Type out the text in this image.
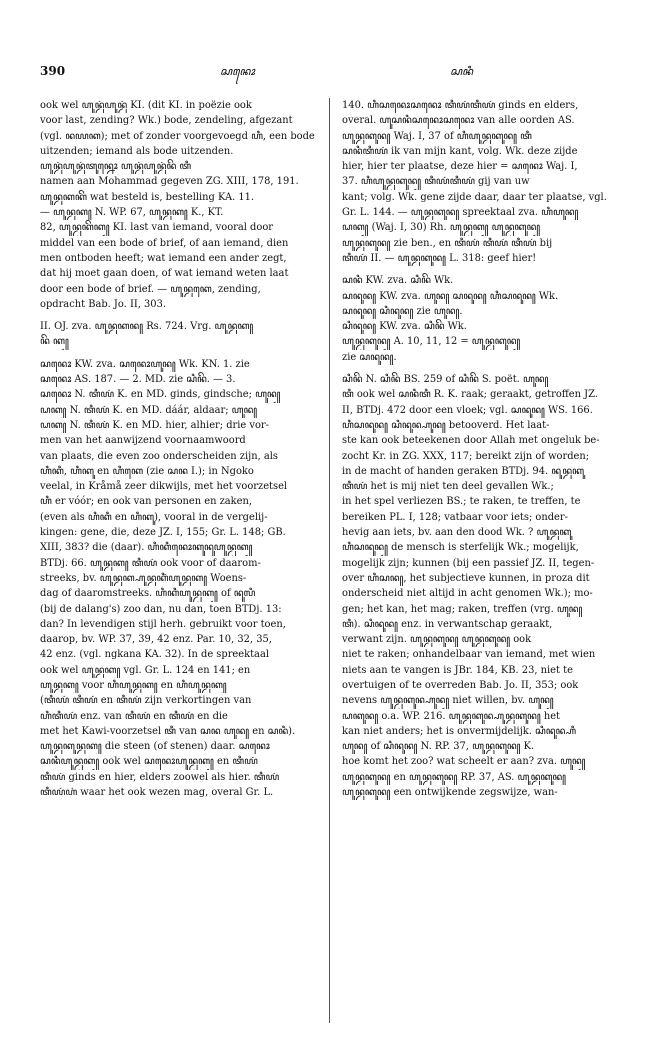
390	ꦱꦤꦺꦴ	ꦱꦤꦶ
ook wel ꦲꦸꦤ꧀ꦝꦁꦲꦸꦤ꧀ꦝꦁ KI. (dit KI. in poëzie ook
voor last, zending? Wk.) bode, zendeling, afgezant
(vgl. ꦤꦪꦏ); met of zonder voorgevoegd ꦲꦶ, een bode
uitzenden; iemand als bode uitzenden.
ꦲꦸꦤ꧀ꦝꦁꦲꦸꦤ꧀ꦝꦁꦠꦸꦤ꧀ꦤꦺꦴ ꦲꦸꦤ꧀ꦝꦁꦲꦸꦤ꧀ꦝꦁꦤꦼ ꦠꦶ
namen aan Mohammad gegeven ZG. XIII, 178, 191.
ꦲꦸꦤ꧀ꦝꦏꦏꦼ wat besteld is, bestelling KA. 11.
— ꦲꦸꦤ꧀ꦝꦏ꧀ N. WP. 67, ꦲꦸꦤ꧀ꦝꦏ꧀ K., KT.
82, ꦲꦸꦤ꧀ꦝꦏꦼꦏ꧀ KI. last van iemand, vooral door
middel van een bode of brief, of aan iemand, dien
men ontboden heeft; wat iemand een ander zegt,
dat hij moet gaan doen, of wat iemand weten laat
door een bode of brief. — ꦲꦸꦤ꧀ꦝꦏꦺ, zending,
opdracht Bab. Jo. II, 303.
II. OJ. zva. ꦲꦸꦤ꧀ꦝꦏꦤ꧀ Rs. 724. Vrg. ꦲꦸꦤ꧀ꦝꦏ꧀
ꦤꦼ ꦏ꧀
ꦱꦤꦺꦴ KW. zva. ꦱꦤꦺꦴꦲꦸꦤ꧀ Wk. KN. 1. zie
ꦱꦤꦺꦴ AS. 187. — 2. MD. zie ꦱꦶꦤꦼ. — 3.
ꦱꦤꦺꦴ N. ꦠꦶꦪꦁ K. en MD. ginds, gindsche; ꦲꦸꦤ꧀
ꦝꦏ꧀ N. ꦠꦶꦪꦁ K. en MD. dáár, aldaar; ꦲꦸꦤ꧀
ꦝꦏ꧀ N. ꦠꦶꦪꦁ K. en MD. hier, alhier; drie vor-
men van het aanwijzend voornaamwoord
van plaats, die even zoo onderscheiden zijn, als
ꦲꦶꦏꦶ, ꦲꦶꦏꦸ en ꦲꦶꦏꦺ (zie ꦱꦤ I.); in Ngoko
veelal, in Kråmå zeer dikwijls, met het voorzetsel
ꦲꦶ er vóór; en ook van personen en zaken,
(even als ꦲꦶꦏꦶ en ꦲꦶꦏꦸ), vooral in de vergelij-
kingen: gene, die, deze JZ. I, 155; Gr. L. 148; GB.
XIII, 383? die (daar). ꦲꦶꦏꦶꦤꦺꦴꦏꦸꦤꦸꦲꦸꦤ꧀ꦝꦏ꧀
BTDj. 66. ꦲꦸꦤ꧀ꦝꦏ꧀ ꦠꦶꦪꦁ ook voor of daarom-
streeks, bv. ꦲꦸꦤ꧀ꦝꦏ꧀ꦲꦸꦤ꧀ꦝꦏꦶꦁꦲꦸꦤ꧀ꦝꦏ꧀ Woens-
dag of daaromstreeks. ꦲꦶꦏꦶꦲꦸꦤ꧀ꦝꦏ꧀ of ꦤꦸꦭꦶ
(bij de dalang's) zoo dan, nu dan, toen BTDj. 13:
dan? In levendigen stijl herh. gebruikt voor toen,
daarop, bv. WP. 37, 39, 42 enz. Par. 10, 32, 35,
42 enz. (vgl. ngkana KA. 32). In de spreektaal
ook wel ꦲꦸꦤ꧀ꦝꦏ꧀ vgl. Gr. L. 124 en 141; en
ꦲꦸꦤ꧀ꦝꦏ꧀ voor ꦲꦶꦲꦸꦤ꧀ꦝꦏ꧀ en ꦲꦶꦲꦸꦤ꧀ꦝꦏ꧀
(ꦠꦶꦪꦁ ꦠꦶꦪꦁ en ꦠꦶꦪꦁ zijn verkortingen van
ꦲꦶꦠꦶꦪꦁ enz. van ꦠꦶꦪꦁ en ꦠꦶꦪꦁ en die
met het Kawi-voorzetsel ꦠꦶ van ꦱꦤ ꦲꦸꦤ꧀ en ꦱꦤꦶ).
ꦲꦸꦤ꧀ꦝꦏꦸꦤ꧀ꦝꦏ꧀ die steen (of stenen) daar. ꦱꦤꦺꦴ
ꦱꦤꦶꦲꦸꦤ꧀ꦝꦏ꧀ ook wel ꦱꦤꦺꦴꦲꦸꦤ꧀ꦝꦏ꧀ en ꦠꦶꦪꦁ
ꦠꦶꦪꦁ ginds en hier, elders zoowel als hier. ꦠꦶꦪꦁ
ꦠꦶꦪꦁꦲꦁ waar het ook wezen mag, overal Gr. L.
140. ꦲꦶꦱꦤꦺꦴꦱꦤꦺꦴ ꦠꦶꦪꦁꦠꦶꦪꦁ ginds en elders,
overal. ꦲꦸꦱꦤꦶꦱꦤꦺꦴꦱꦤꦺꦴ van alle oorden AS.
ꦲꦸꦤ꧀ꦝꦏꦸꦤ꧀ Waj. I, 37 of ꦲꦶꦲꦸꦤ꧀ꦝꦏꦸꦤ꧀ ꦠꦶ
ꦱꦤꦶꦠꦶꦪꦁ ik van mijn kant, volg. Wk. deze zijde
hier, hier ter plaatse, deze hier = ꦱꦤꦺꦴ Waj. I,
37. ꦲꦶꦲꦸꦤ꧀ꦝꦏꦸꦤ꧀ ꦠꦶꦪꦁꦠꦶꦪꦁ gij van uw
kant; volg. Wk. gene zijde daar, daar ter plaatse, vgl.
Gr. L. 144. — ꦲꦸꦤ꧀ꦝꦏꦸꦤ꧀ spreektaal zva. ꦲꦶꦲꦸꦤ꧀
ꦝꦏ꧀ (Waj. I, 30) Rh. ꦲꦸꦤ꧀ꦝꦏ꧀ ꦲꦸꦤ꧀ꦝꦏꦸꦤ꧀
ꦲꦸꦤ꧀ꦝꦏꦸꦤ꧀ zie ben., en ꦠꦶꦪꦁ ꦠꦶꦪꦁ ꦠꦶꦪꦁ bij
ꦠꦶꦪꦁ II. — ꦲꦸꦤ꧀ꦝꦏꦸꦤ꧀ L. 318: geef hier!
ꦱꦤꦶ KW. zva. ꦱꦶꦤꦼ Wk.
ꦱꦤꦸꦤ꧀ KW. zva. ꦲꦸꦤ꧀ ꦱꦤꦸꦤ꧀ ꦲꦶꦱꦤꦸꦤ꧀ Wk.
ꦱꦤꦸꦤ꧀ ꦱꦶꦤꦸꦤ꧀ zie ꦲꦸꦤ꧀.
ꦱꦶꦤꦸꦤ꧀ KW. zva. ꦱꦶꦤꦼ Wk.
ꦲꦸꦤ꧀ꦝꦏꦸꦤ꧀ A. 10, 11, 12 = ꦲꦸꦤ꧀ꦝꦏꦸꦤ꧀
zie ꦱꦤꦸꦤ꧀.
ꦱꦶꦤꦼ N. ꦱꦶꦤꦼ BS. 259 of ꦱꦶꦤꦼ S. poët. ꦲꦸꦤ꧀
ꦠꦶ ook wel ꦱꦤꦶꦠꦶ R. K. raak; geraakt, getroffen JZ.
II, BTDj. 472 door een vloek; vgl. ꦱꦤꦸꦤ꧀ WS. 166.
ꦲꦶꦱꦤꦸꦤ꧀ ꦱꦶꦤꦸꦤ꧀ꦲꦸꦤ꧀ betooverd. Het laat-
ste kan ook beteekenen door Allah met ongeluk be-
zocht Kr. in ZG. XXX, 117; bereikt zijn of worden;
in de macht of handen geraken BTDj. 94. ꦤꦸꦤ꧀ꦝꦏꦸ
ꦠꦶꦪꦁ het is mij niet ten deel gevallen Wk.;
in het spel verliezen BS.; te raken, te treffen, te
bereiken PL. I, 128; vatbaar voor iets; onder-
hevig aan iets, bv. aan den dood Wk. ? ꦲꦸꦤ꧀ꦝꦏꦸ
ꦲꦶꦱꦤꦸꦤ꧀ de mensch is sterfelijk Wk.; mogelijk,
mogelijk zijn; kunnen (bij een passief JZ. II, tegen-
over ꦲꦶꦱꦤ꧀, het subjectieve kunnen, in proza dit
onderscheid niet altijd in acht genomen Wk.); mo-
gen; het kan, het mag; raken, treffen (vrg. ꦲꦸꦤ꧀
ꦠꦶ). ꦱꦶꦤꦸꦤ꧀ enz. in verwantschap geraakt,
verwant zijn. ꦲꦸꦤ꧀ꦝꦏꦸꦤ꧀ ꦲꦸꦤ꧀ꦝꦏꦸꦤ꧀ ook
niet te raken; onhandelbaar van iemand, met wien
niets aan te vangen is JBr. 184, KB. 23, niet te
overtuigen of te overreden Bab. Jo. II, 353; ook
nevens ꦲꦸꦤ꧀ꦝꦏꦸꦤ꧀ꦲꦸꦤ꧀ niet willen, bv. ꦲꦸꦤ꧀
ꦝꦏꦸꦤ꧀ o.a. WP. 216. ꦲꦸꦤ꧀ꦝꦏꦸꦤ꧀ꦲꦸꦤ꧀ꦝꦏꦸꦤ꧀ het
kan niet anders; het is onvermijdelijk. ꦱꦶꦤꦸꦤ꧀ꦲꦶ
ꦲꦸꦤ꧀ of ꦱꦶꦤꦸꦤ꧀ N. RP. 37, ꦲꦸꦤ꧀ꦝꦏꦸꦤ꧀ K.
hoe komt het zoo? wat scheelt er aan? zva. ꦲꦸꦤ꧀
ꦲꦸꦤ꧀ꦝꦏꦸꦤ꧀ en ꦲꦸꦤ꧀ꦝꦏꦸꦤ꧀ RP. 37, AS. ꦲꦸꦤ꧀ꦝꦏꦸꦤ꧀
ꦲꦸꦤ꧀ꦝꦏꦸꦤ꧀ een ontwijkende zegswijze, wan-
